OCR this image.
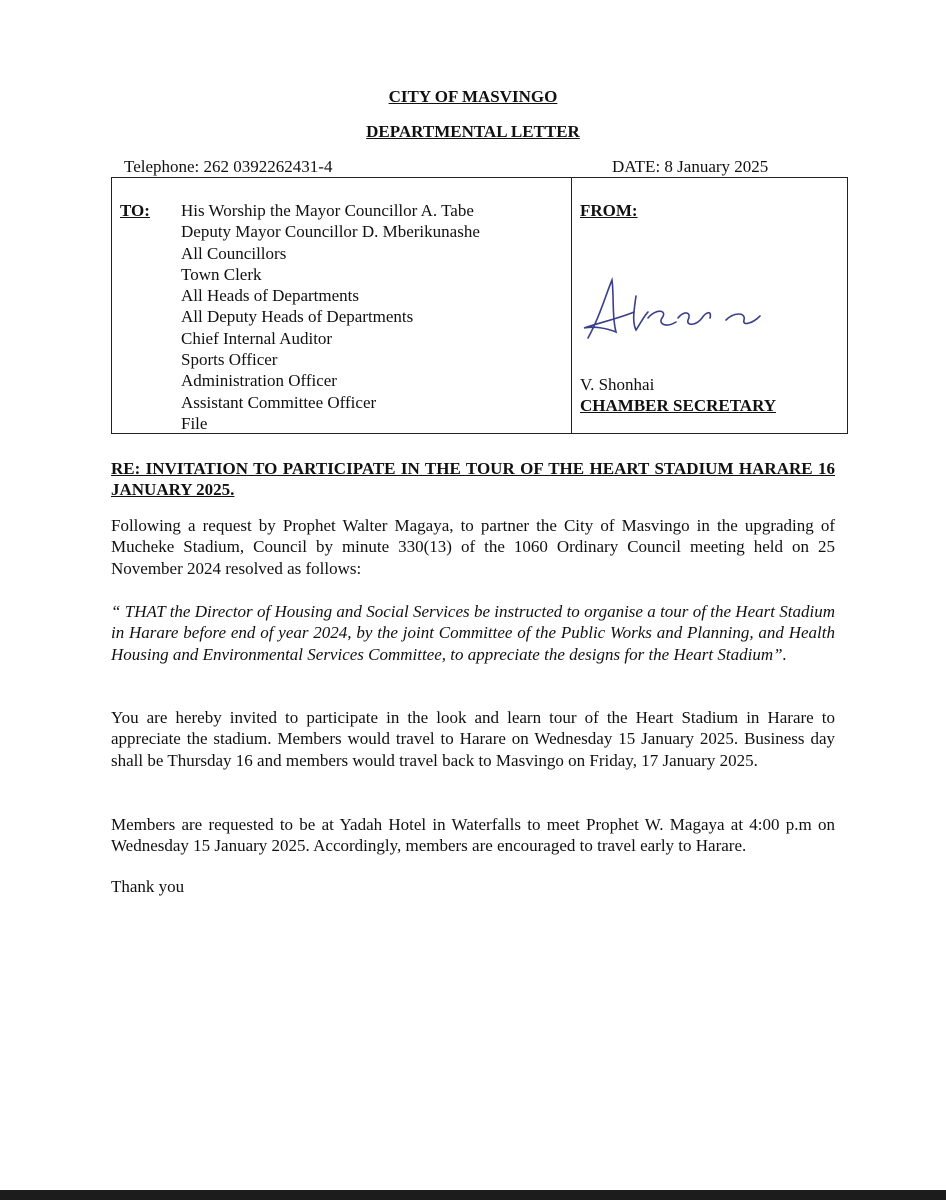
CITY OF MASVINGO
DEPARTMENTAL LETTER
Telephone: 262 0392262431-4	DATE: 8 January 2025
TO: His Worship the Mayor Councillor A. Tabe
Deputy Mayor Councillor D. Mberikunashe
All Councillors
Town Clerk
All Heads of Departments
All Deputy Heads of Departments
Chief Internal Auditor
Sports Officer
Administration Officer
Assistant Committee Officer
File
FROM:
V. Shonhai
CHAMBER SECRETARY
RE: INVITATION TO PARTICIPATE IN THE TOUR OF THE HEART STADIUM HARARE 16 JANUARY 2025.

Following a request by Prophet Walter Magaya, to partner the City of Masvingo in the upgrading of Mucheke Stadium, Council by minute 330(13) of the 1060 Ordinary Council meeting held on 25 November 2024 resolved as follows:

“ THAT the Director of Housing and Social Services be instructed to organise a tour of the Heart Stadium in Harare before end of year 2024, by the joint Committee of the Public Works and Planning, and Health Housing and Environmental Services Committee, to appreciate the designs for the Heart Stadium”.

You are hereby invited to participate in the look and learn tour of the Heart Stadium in Harare to appreciate the stadium. Members would travel to Harare on Wednesday 15 January 2025. Business day shall be Thursday 16 and members would travel back to Masvingo on Friday, 17 January 2025.

Members are requested to be at Yadah Hotel in Waterfalls to meet Prophet W. Magaya at 4:00 p.m on Wednesday 15 January 2025. Accordingly, members are encouraged to travel early to Harare.

Thank you
